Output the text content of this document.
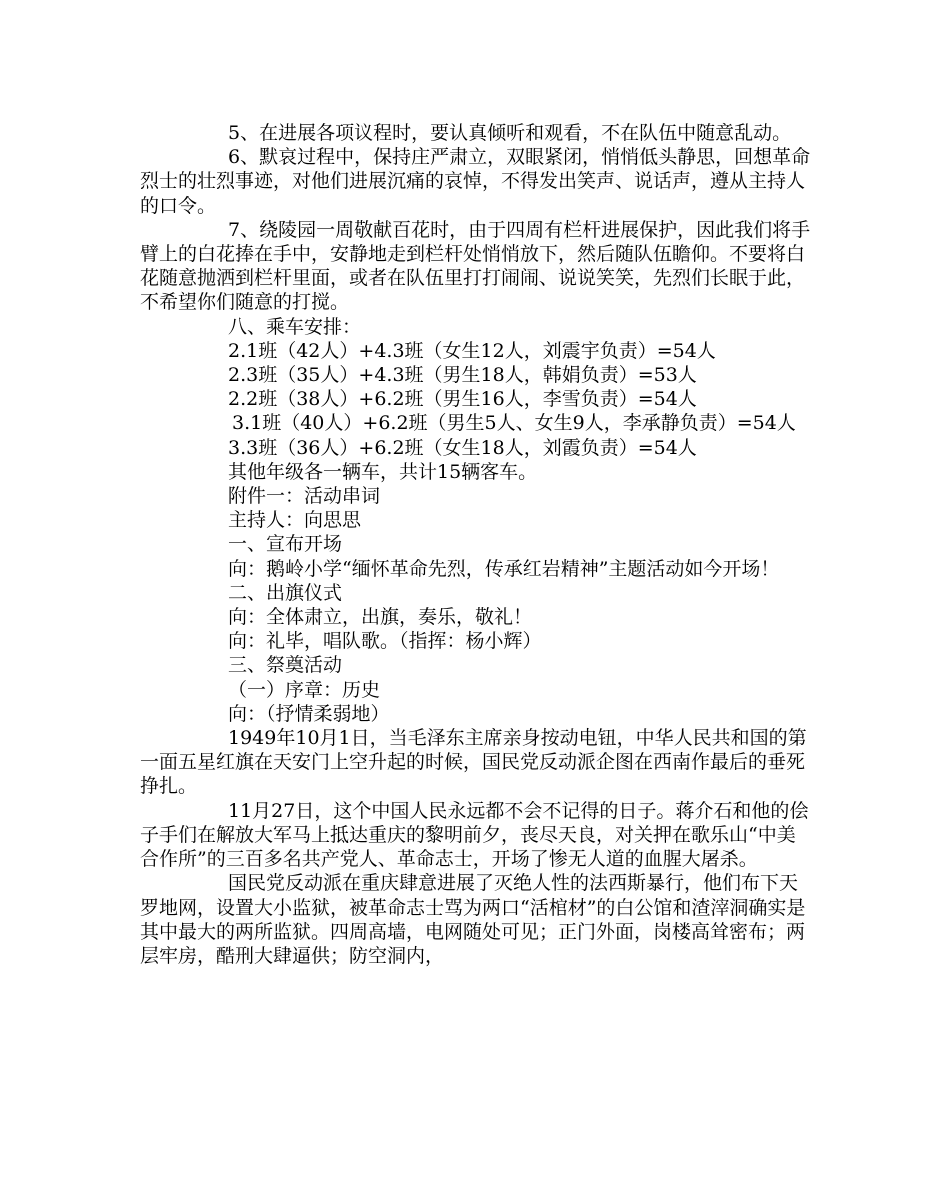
5、在进展各项议程时，要认真倾听和观看，不在队伍中随意乱动。

6、默哀过程中，保持庄严肃立，双眼紧闭，悄悄低头静思，回想革命烈士的壮烈事迹，对他们进展沉痛的哀悼，不得发出笑声、说话声，遵从主持人的口令。

7、绕陵园一周敬献百花时，由于四周有栏杆进展保护，因此我们将手臂上的白花捧在手中，安静地走到栏杆处悄悄放下，然后随队伍瞻仰。不要将白花随意抛洒到栏杆里面，或者在队伍里打打闹闹、说说笑笑，先烈们长眠于此，不希望你们随意的打搅。

八、乘车安排：

2.1班（42人）+4.3班（女生12人，刘震宇负责）=54人

2.3班（35人）+4.3班（男生18人，韩娟负责）=53人

2.2班（38人）+6.2班（男生16人，李雪负责）=54人

3.1班（40人）+6.2班（男生5人、女生9人，李承静负责）=54人

3.3班（36人）+6.2班（女生18人，刘霞负责）=54人

其他年级各一辆车，共计15辆客车。

附件一：活动串词

主持人：向思思

一、宣布开场

向：鹅岭小学“缅怀革命先烈，传承红岩精神”主题活动如今开场！

二、出旗仪式

向：全体肃立，出旗，奏乐，敬礼！

向：礼毕，唱队歌。（指挥：杨小辉）

三、祭奠活动

（一）序章：历史

向：（抒情柔弱地）

1949年10月1日，当毛泽东主席亲身按动电钮，中华人民共和国的第一面五星红旗在天安门上空升起的时候，国民党反动派企图在西南作最后的垂死挣扎。

11月27日，这个中国人民永远都不会不记得的日子。蒋介石和他的侩子手们在解放大军马上抵达重庆的黎明前夕，丧尽天良，对关押在歌乐山“中美合作所”的三百多名共产党人、革命志士，开场了惨无人道的血腥大屠杀。

国民党反动派在重庆肆意进展了灭绝人性的法西斯暴行，他们布下天罗地网，设置大小监狱，被革命志士骂为两口“活棺材”的白公馆和渣滓洞确实是其中最大的两所监狱。四周高墙，电网随处可见；正门外面，岗楼高耸密布；两层牢房，酷刑大肆逼供；防空洞内，
